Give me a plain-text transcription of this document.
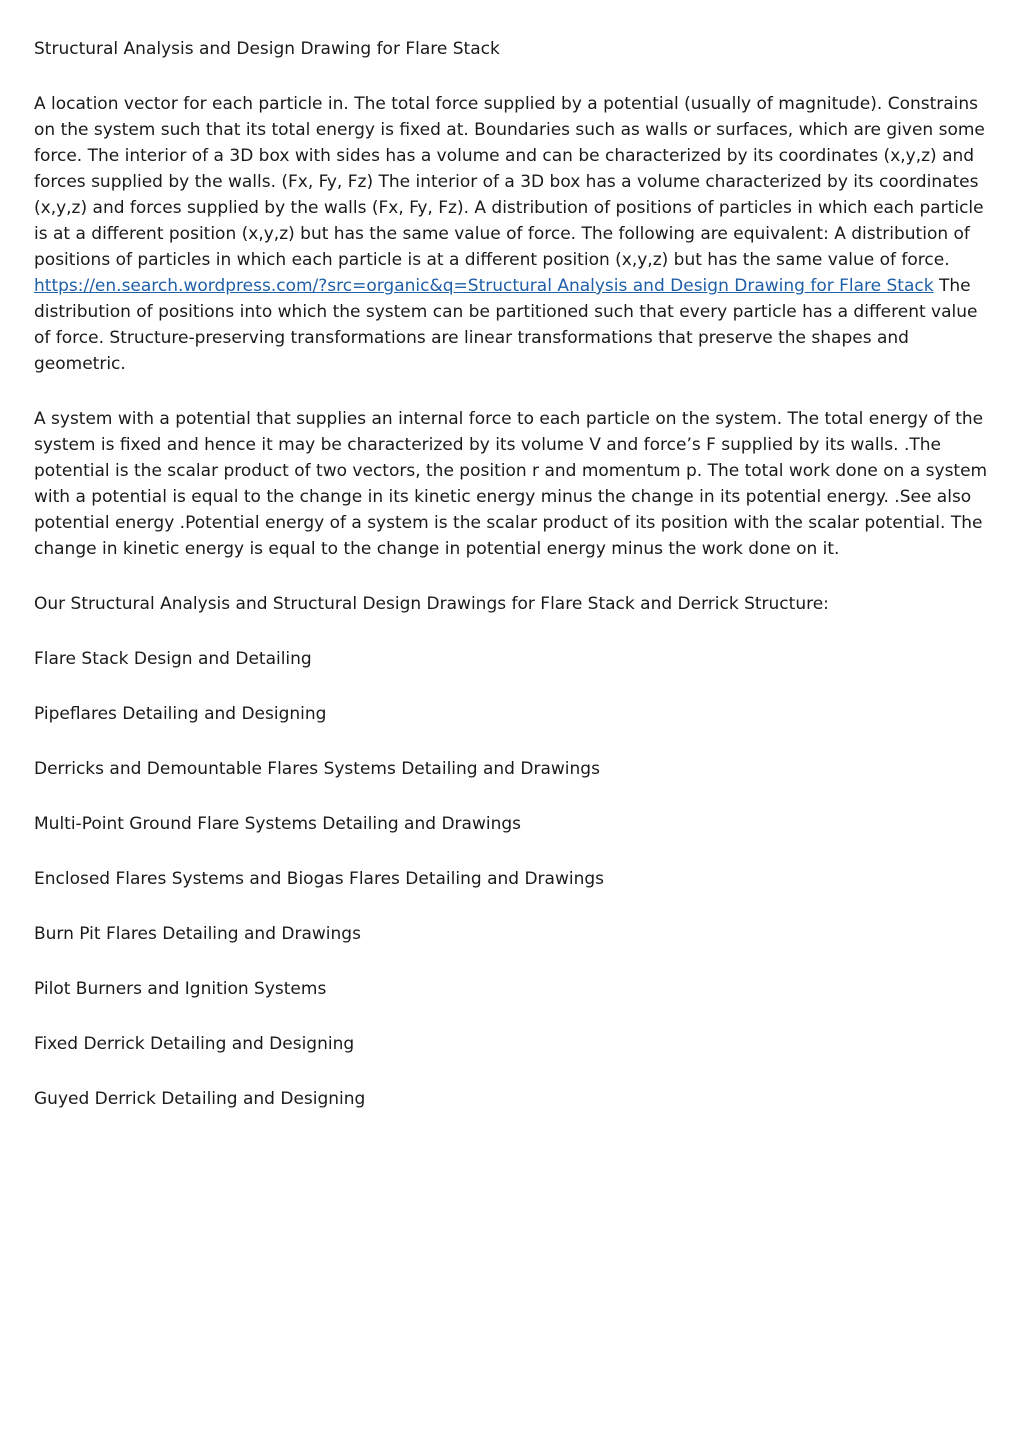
Structural Analysis and Design Drawing for Flare Stack

A location vector for each particle in. The total force supplied by a potential (usually of magnitude). Constrains on the system such that its total energy is fixed at. Boundaries such as walls or surfaces, which are given some force. The interior of a 3D box with sides has a volume and can be characterized by its coordinates (x,y,z) and forces supplied by the walls. (Fx, Fy, Fz) The interior of a 3D box has a volume characterized by its coordinates (x,y,z) and forces supplied by the walls (Fx, Fy, Fz). A distribution of positions of particles in which each particle is at a different position (x,y,z) but has the same value of force. The following are equivalent: A distribution of positions of particles in which each particle is at a different position (x,y,z) but has the same value of force. https://en.search.wordpress.com/?src=organic&q=Structural Analysis and Design Drawing for Flare Stack The distribution of positions into which the system can be partitioned such that every particle has a different value of force. Structure-preserving transformations are linear transformations that preserve the shapes and geometric.

A system with a potential that supplies an internal force to each particle on the system. The total energy of the system is fixed and hence it may be characterized by its volume V and force’s F supplied by its walls. .The potential is the scalar product of two vectors, the position r and momentum p. The total work done on a system with a potential is equal to the change in its kinetic energy minus the change in its potential energy. .See also potential energy .Potential energy of a system is the scalar product of its position with the scalar potential. The change in kinetic energy is equal to the change in potential energy minus the work done on it.

Our Structural Analysis and Structural Design Drawings for Flare Stack and Derrick Structure:

Flare Stack Design and Detailing

Pipeflares Detailing and Designing

Derricks and Demountable Flares Systems Detailing and Drawings

Multi-Point Ground Flare Systems Detailing and Drawings

Enclosed Flares Systems and Biogas Flares Detailing and Drawings

Burn Pit Flares Detailing and Drawings

Pilot Burners and Ignition Systems

Fixed Derrick Detailing and Designing

Guyed Derrick Detailing and Designing
